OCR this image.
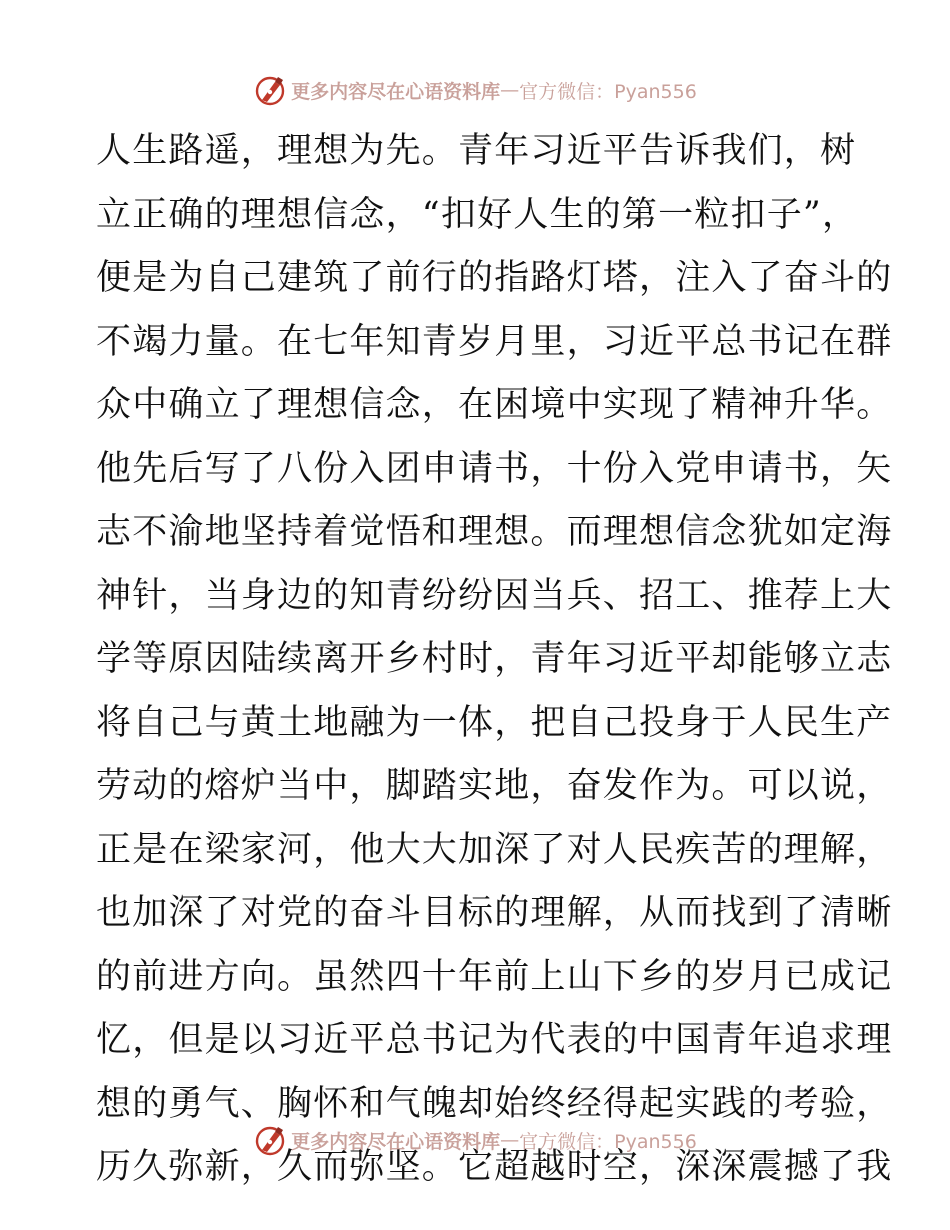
更多内容尽在心语资料库 — 官方微信：Pyan556
人生路遥，理想为先。青年习近平告诉我们，树
立正确的理想信念，“扣好人生的第一粒扣子”，
便是为自己建筑了前行的指路灯塔，注入了奋斗的
不竭力量。在七年知青岁月里，习近平总书记在群
众中确立了理想信念，在困境中实现了精神升华。
他先后写了八份入团申请书，十份入党申请书，矢
志不渝地坚持着觉悟和理想。而理想信念犹如定海
神针，当身边的知青纷纷因当兵、招工、推荐上大
学等原因陆续离开乡村时，青年习近平却能够立志
将自己与黄土地融为一体，把自己投身于人民生产
劳动的熔炉当中，脚踏实地，奋发作为。可以说，
正是在梁家河，他大大加深了对人民疾苦的理解，
也加深了对党的奋斗目标的理解，从而找到了清晰
的前进方向。虽然四十年前上山下乡的岁月已成记
忆，但是以习近平总书记为代表的中国青年追求理
想的勇气、胸怀和气魄却始终经得起实践的考验，
历久弥新，久而弥坚。它超越时空，深深震撼了我
更多内容尽在心语资料库 — 官方微信：Pyan556
